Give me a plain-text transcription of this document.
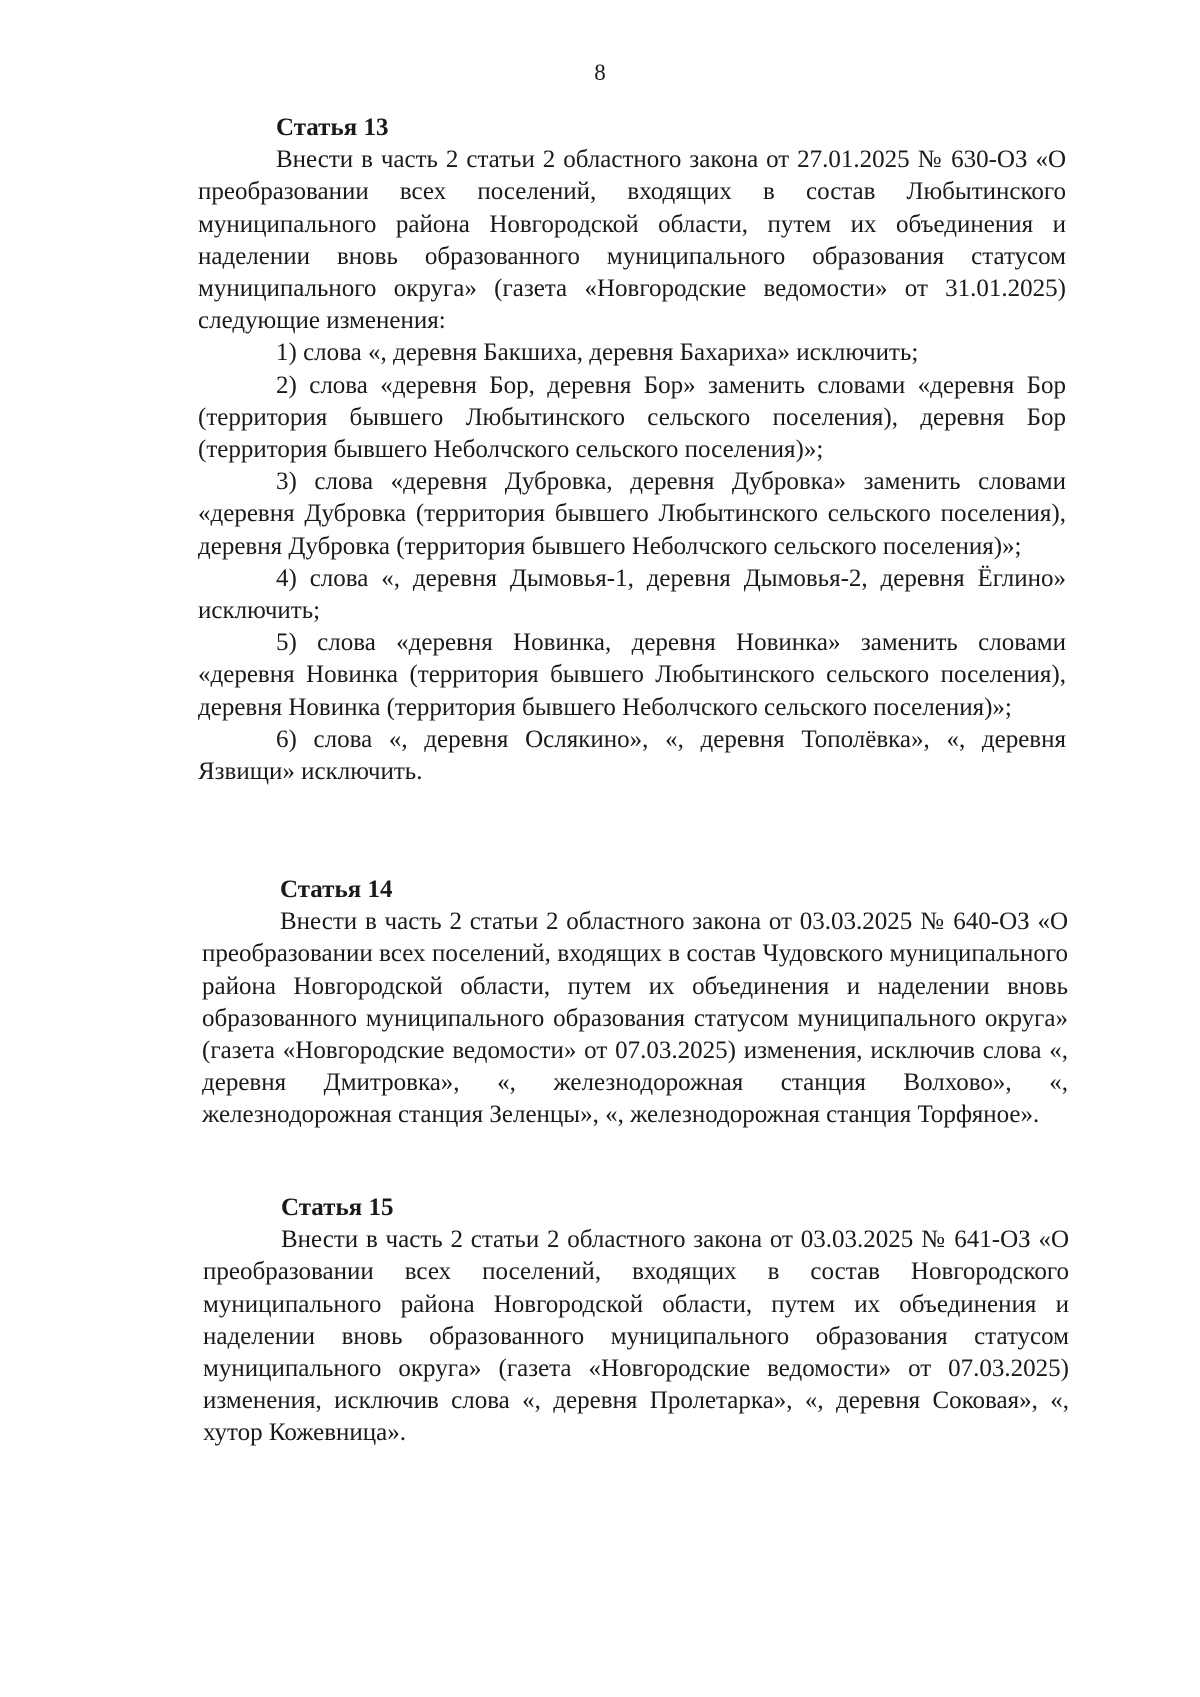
8

Статья 13

Внести в часть 2 статьи 2 областного закона от 27.01.2025 № 630-ОЗ «О преобразовании всех поселений, входящих в состав Любытинского муниципального района Новгородской области, путем их объединения и наделении вновь образованного муниципального образования статусом муниципального округа» (газета «Новгородские ведомости» от 31.01.2025) следующие изменения:

1) слова «, деревня Бакшиха, деревня Бахариха» исключить;

2) слова «деревня Бор, деревня Бор» заменить словами «деревня Бор (территория бывшего Любытинского сельского поселения), деревня Бор (территория бывшего Неболчского сельского поселения)»;

3) слова «деревня Дубровка, деревня Дубровка» заменить словами «деревня Дубровка (территория бывшего Любытинского сельского поселения), деревня Дубровка (территория бывшего Неболчского сельского поселения)»;

4) слова «, деревня Дымовья-1, деревня Дымовья-2, деревня Ёглино» исключить;

5) слова «деревня Новинка, деревня Новинка» заменить словами «деревня Новинка (территория бывшего Любытинского сельского поселения), деревня Новинка (территория бывшего Неболчского сельского поселения)»;

6) слова «, деревня Ослякино», «, деревня Тополёвка», «, деревня Язвищи» исключить.

Статья 14

Внести в часть 2 статьи 2 областного закона от 03.03.2025 № 640-ОЗ «О преобразовании всех поселений, входящих в состав Чудовского муниципального района Новгородской области, путем их объединения и наделении вновь образованного муниципального образования статусом муниципального округа» (газета «Новгородские ведомости» от 07.03.2025) изменения, исключив слова «, деревня Дмитровка», «, железнодорожная станция Волхово», «, железнодорожная станция Зеленцы», «, железнодорожная станция Торфяное».

Статья 15

Внести в часть 2 статьи 2 областного закона от 03.03.2025 № 641-ОЗ «О преобразовании всех поселений, входящих в состав Новгородского муниципального района Новгородской области, путем их объединения и наделении вновь образованного муниципального образования статусом муниципального округа» (газета «Новгородские ведомости» от 07.03.2025) изменения, исключив слова «, деревня Пролетарка», «, деревня Соковая», «, хутор Кожевница».
